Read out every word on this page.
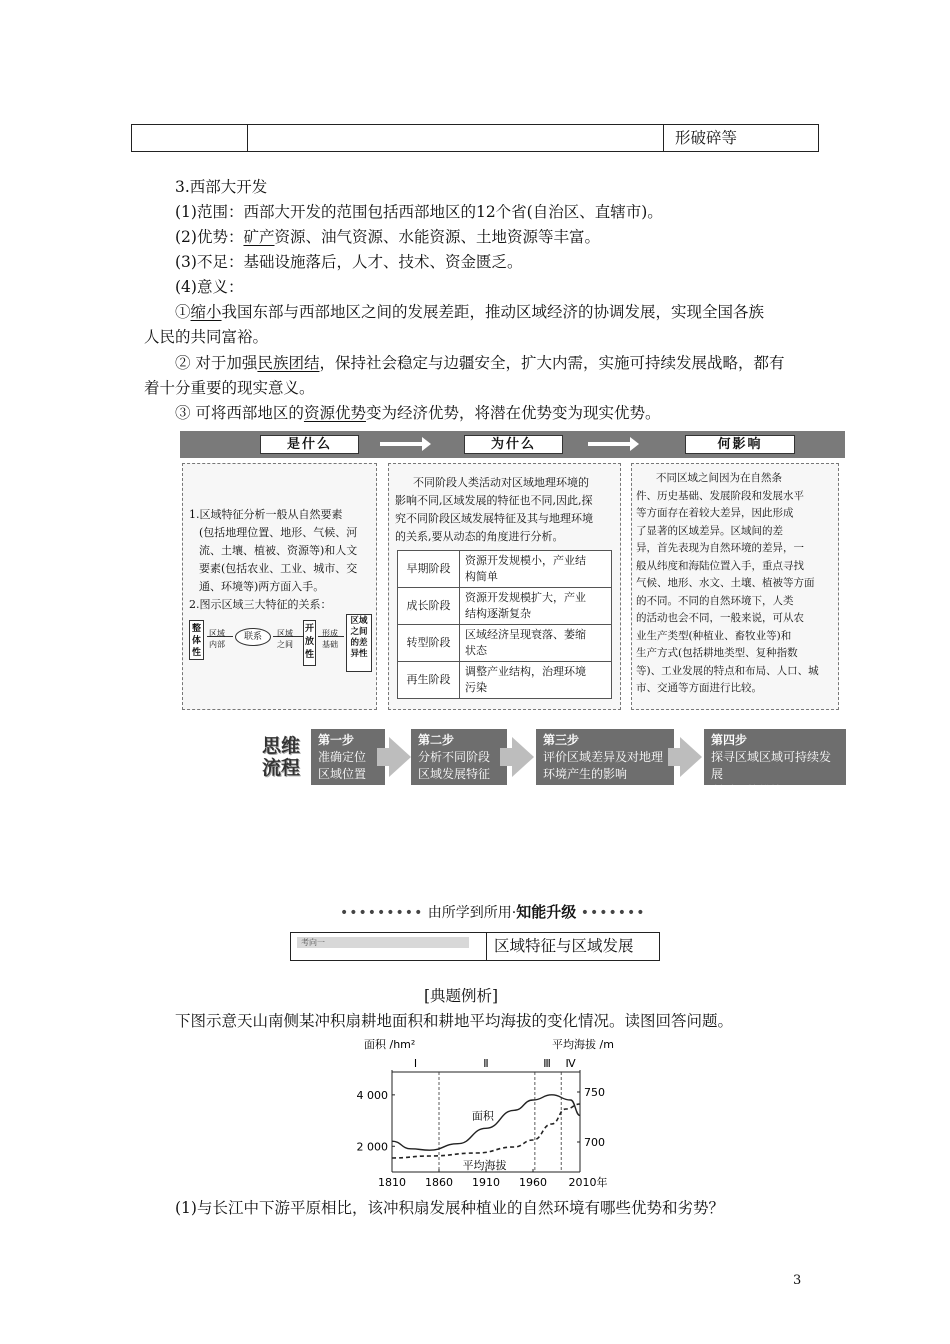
形破碎等
3.西部大开发
(1)范围：西部大开发的范围包括西部地区的12个省(自治区、直辖市)。
(2)优势：矿产资源、油气资源、水能资源、土地资源等丰富。
(3)不足：基础设施落后，人才、技术、资金匮乏。
(4)意义：
①缩小我国东部与西部地区之间的发展差距，推动区域经济的协调发展，实现全国各族
人民的共同富裕。
② 对于加强民族团结，保持社会稳定与边疆安全，扩大内需，实施可持续发展战略，都有
着十分重要的现实意义。
③ 可将西部地区的资源优势变为经济优势，将潜在优势变为现实优势。
是什么	为什么	何影响
1.区域特征分析一般从自然要素
(包括地理位置、地形、气候、河
流、土壤、植被、资源等)和人文
要素(包括农业、工业、城市、交
通、环境等)两方面入手。
2.图示区域三大特征的关系：
整体性
区域
内部
联系	区域
之间
开放性
形成
基础
区域之间的差异性
不同阶段人类活动对区域地理环境的
影响不同,区域发展的特征也不同,因此,探
究不同阶段区域发展特征及其与地理环境
的关系,要从动态的角度进行分析。
早期阶段	资源开发规模小，产业结
构简单

成长阶段	资源开发规模扩大，产业
结构逐渐复杂

转型阶段	区域经济呈现衰落、萎缩
状态

再生阶段	调整产业结构，治理环境
污染
不同区域之间因为在自然条
件、历史基础、发展阶段和发展水平
等方面存在着较大差异，因此形成
了显著的区域差异。区域间的差
异，首先表现为自然环境的差异，一
般从纬度和海陆位置入手，重点寻找
气候、地形、水文、土壤、植被等方面
的不同。不同的自然环境下，人类
的活动也会不同，一般来说，可从农
业生产类型(种植业、畜牧业等)和
生产方式(包括耕地类型、复种指数
等)、工业发展的特点和布局、人口、城
市、交通等方面进行比较。
思维
流程
第一步
准确定位
区域位置
第二步
分析不同阶段
区域发展特征
第三步
评价区域差异及对地理
环境产生的影响
第四步
探寻区域区域可持续发展
所采取的措施
••••••••• 由所学到所用·知能升级 •••••••
考向一	区域特征与区域发展
[典题例析]
下图示意天山南侧某冲积扇耕地面积和耕地平均海拔的变化情况。读图回答问题。
面积 /hm²	平均海拔 /m
Ⅰ	Ⅱ	Ⅲ Ⅳ
1810 1860 1910 1960 2010年
4 000
2 000
750
700
面积
平均海拔
(1)与长江中下游平原相比，该冲积扇发展种植业的自然环境有哪些优势和劣势？
3
